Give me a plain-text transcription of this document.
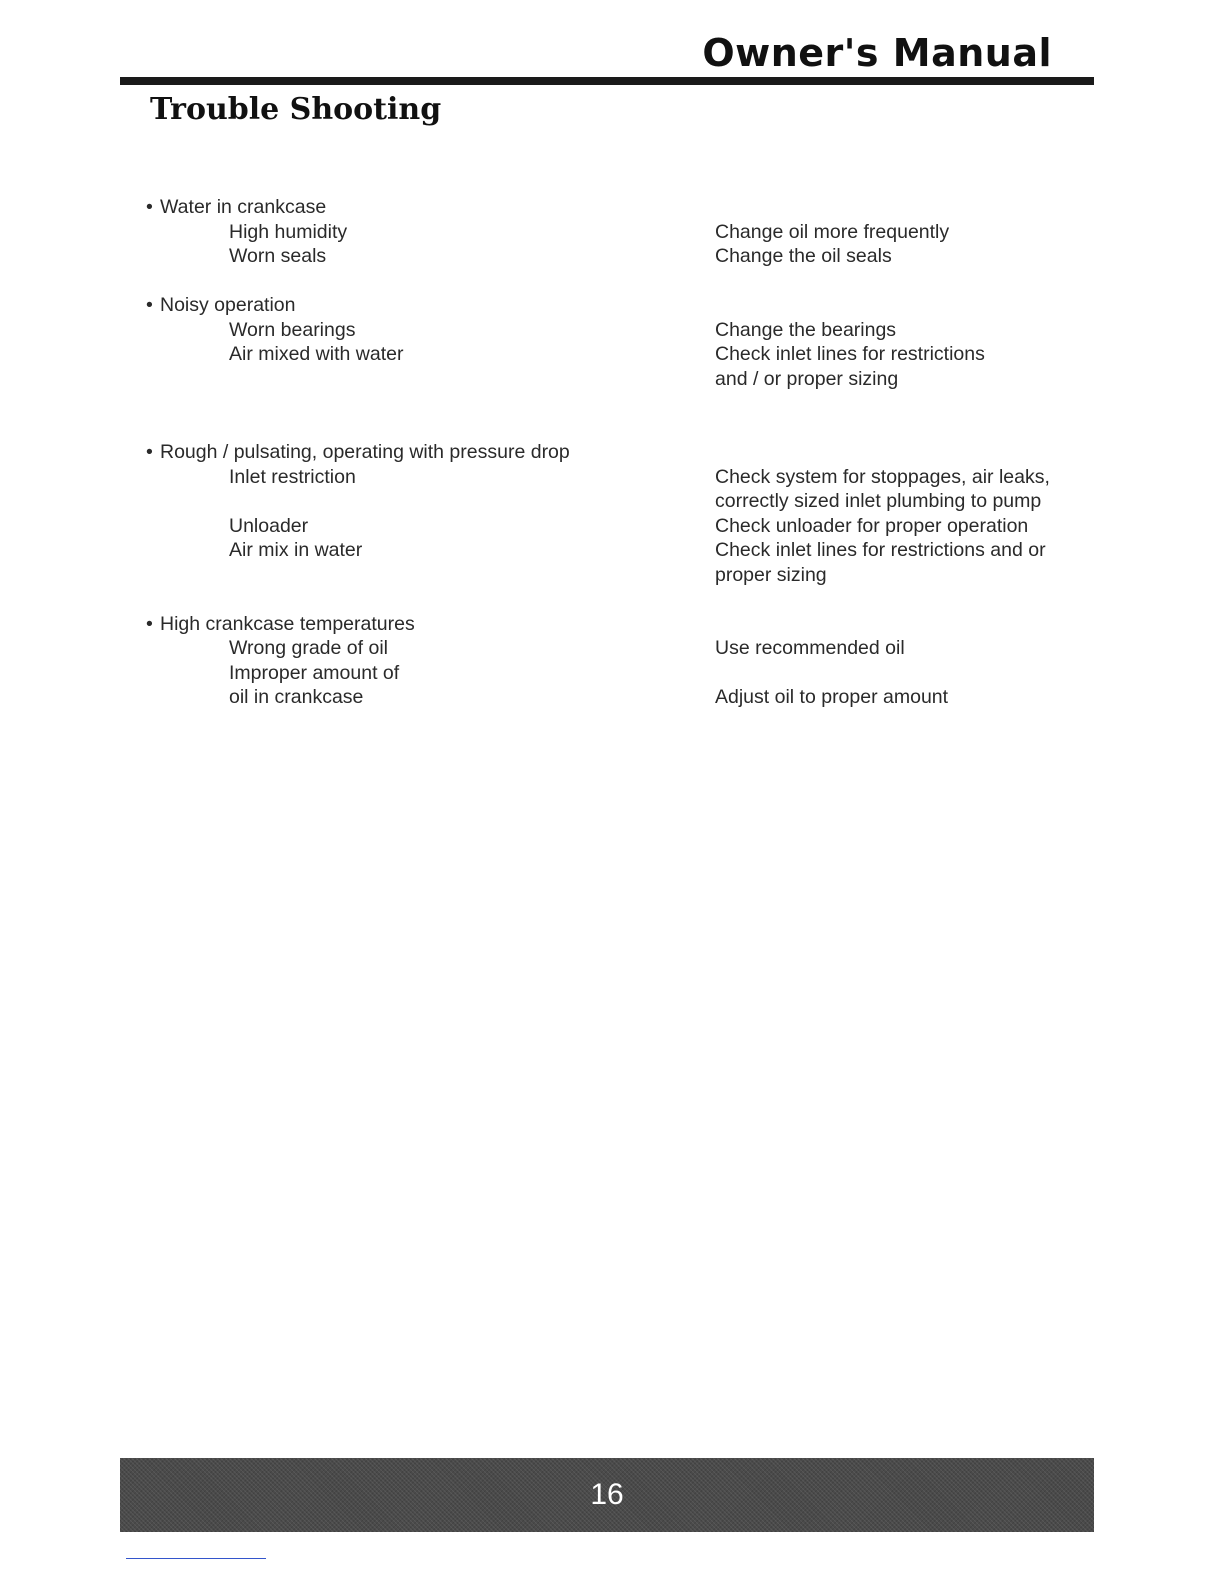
Owner's Manual
Trouble Shooting
• Water in crankcase
High humidity	Change oil more frequently
Worn seals	Change the oil seals
• Noisy operation
Worn bearings	Change the bearings
Air mixed with water	Check inlet lines for restrictions
and / or proper sizing
• Rough / pulsating, operating with pressure drop
Inlet restriction	Check system for stoppages, air leaks,
correctly sized inlet plumbing to pump
Unloader	Check unloader for proper operation
Air mix in water	Check inlet lines for restrictions and or
proper sizing
• High crankcase temperatures
Wrong grade of oil	Use recommended oil
Improper amount of
oil in crankcase	Adjust oil to proper amount
16
